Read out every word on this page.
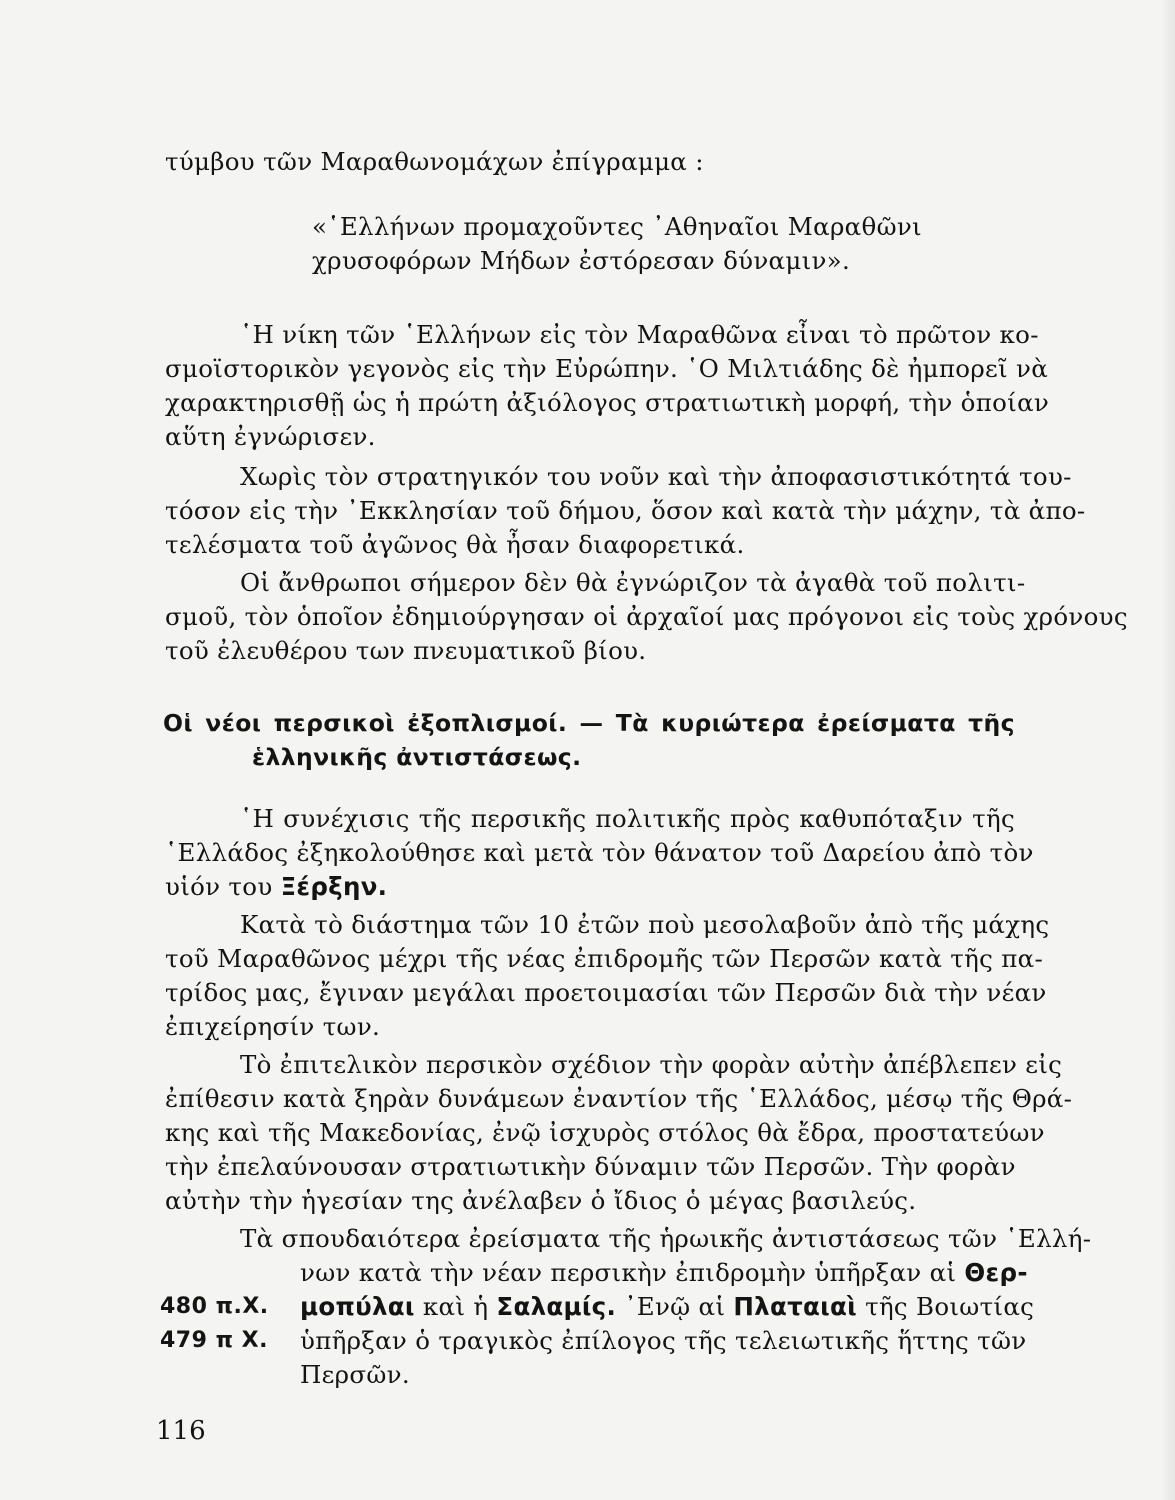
τύμβου τῶν Μαραθωνομάχων ἐπίγραμμα :
«῾Ελλήνων προμαχοῦντες ᾿Αθηναῖοι Μαραθῶνι
χρυσοφόρων Μήδων ἐστόρεσαν δύναμιν».
῾Η νίκη τῶν ῾Ελλήνων εἰς τὸν Μαραθῶνα εἶναι τὸ πρῶτον κο-
σμοϊστορικὸν γεγονὸς εἰς τὴν Εὐρώπην. ῾Ο Μιλτιάδης δὲ ἠμπορεῖ νὰ
χαρακτηρισθῇ ὡς ἡ πρώτη ἀξιόλογος στρατιωτικὴ μορφή, τὴν ὁποίαν
αὕτη ἐγνώρισεν.
Χωρὶς τὸν στρατηγικόν του νοῦν καὶ τὴν ἀποφασιστικότητά του-
τόσον εἰς τὴν ᾿Εκκλησίαν τοῦ δήμου, ὅσον καὶ κατὰ τὴν μάχην, τὰ ἀπο-
τελέσματα τοῦ ἀγῶνος θὰ ἦσαν διαφορετικά.
Οἱ ἄνθρωποι σήμερον δὲν θὰ ἐγνώριζον τὰ ἀγαθὰ τοῦ πολιτι-
σμοῦ, τὸν ὁποῖον ἐδημιούργησαν οἱ ἀρχαῖοί μας πρόγονοι εἰς τοὺς χρόνους
τοῦ ἐλευθέρου των πνευματικοῦ βίου.
Οἱ νέοι περσικοὶ ἐξοπλισμοί. — Τὰ κυριώτερα ἐρείσματα τῆς
ἑλληνικῆς ἀντιστάσεως.
῾Η συνέχισις τῆς περσικῆς πολιτικῆς πρὸς καθυπόταξιν τῆς
῾Ελλάδος ἐξηκολούθησε καὶ μετὰ τὸν θάνατον τοῦ Δαρείου ἀπὸ τὸν
υἱόν του Ξέρξην.
Κατὰ τὸ διάστημα τῶν 10 ἐτῶν ποὺ μεσολαβοῦν ἀπὸ τῆς μάχης
τοῦ Μαραθῶνος μέχρι τῆς νέας ἐπιδρομῆς τῶν Περσῶν κατὰ τῆς πα-
τρίδος μας, ἔγιναν μεγάλαι προετοιμασίαι τῶν Περσῶν διὰ τὴν νέαν
ἐπιχείρησίν των.
Τὸ ἐπιτελικὸν περσικὸν σχέδιον τὴν φορὰν αὐτὴν ἀπέβλεπεν εἰς
ἐπίθεσιν κατὰ ξηρὰν δυνάμεων ἐναντίον τῆς ῾Ελλάδος, μέσῳ τῆς Θρά-
κης καὶ τῆς Μακεδονίας, ἐνῷ ἰσχυρὸς στόλος θὰ ἔδρα, προστατεύων
τὴν ἐπελαύνουσαν στρατιωτικὴν δύναμιν τῶν Περσῶν. Τὴν φορὰν
αὐτὴν τὴν ἡγεσίαν της ἀνέλαβεν ὁ ἴδιος ὁ μέγας βασιλεύς.
Τὰ σπουδαιότερα ἐρείσματα τῆς ἡρωικῆς ἀντιστάσεως τῶν ῾Ελλή-
νων κατὰ τὴν νέαν περσικὴν ἐπιδρομὴν ὑπῆρξαν αἱ Θερ-
μοπύλαι καὶ ἡ Σαλαμίς. ᾿Ενῷ αἱ Πλαταιαὶ τῆς Βοιωτίας
ὑπῆρξαν ὁ τραγικὸς ἐπίλογος τῆς τελειωτικῆς ἥττης τῶν
Περσῶν.
480 π.Χ.
479 π Χ.
116
